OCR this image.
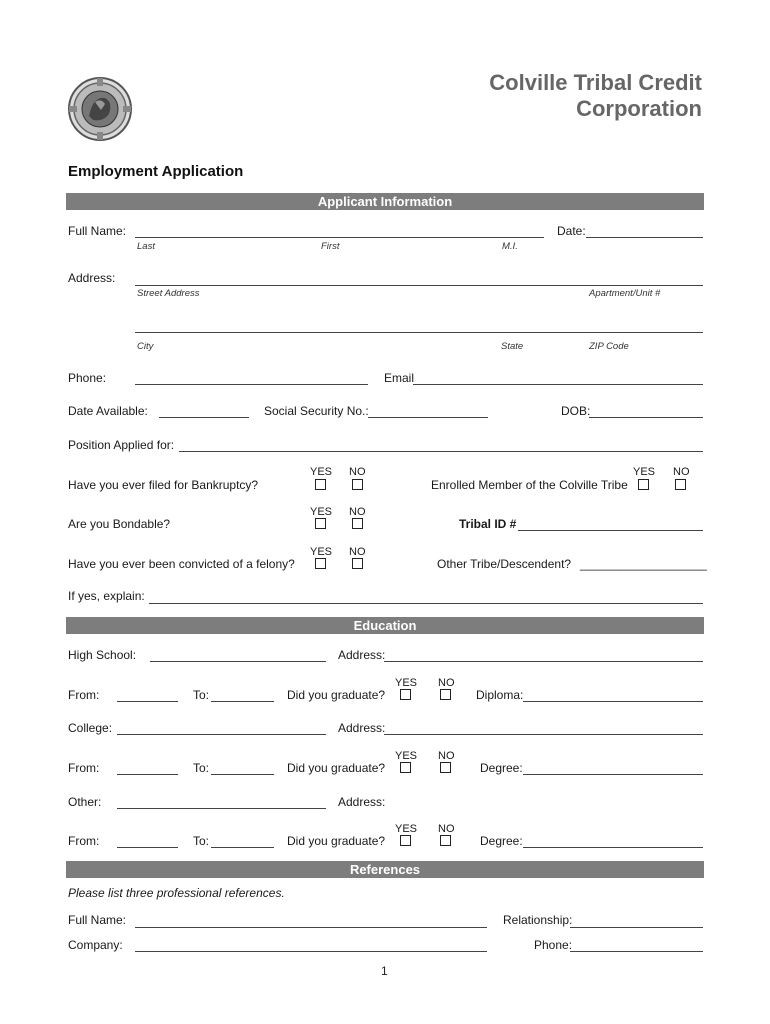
Colville Tribal Credit
Corporation
Employment Application
Applicant Information
Full Name:	Date:
Last	First	M.I.
Address:
Street Address	Apartment/Unit #
City	State	ZIP Code
Phone:	Email
Date Available:	Social Security No.:	DOB:
Position Applied for:
YES NO
Have you ever filed for Bankruptcy?
YES NO
Enrolled Member of the Colville Tribe
YES NO
Are you Bondable?	Tribal ID #
YES NO
Have you ever been convicted of a felony?	Other Tribe/Descendent? ___________________
If yes, explain:
Education
High School:	Address:
YES NO
From:	To:	Did you graduate?	Diploma:
College:	Address:
YES NO
From:	To:	Did you graduate?	Degree:
Other:	Address:
YES NO
From:	To:	Did you graduate?	Degree:
References
Please list three professional references.
Full Name:	Relationship:
Company:	Phone:
1
